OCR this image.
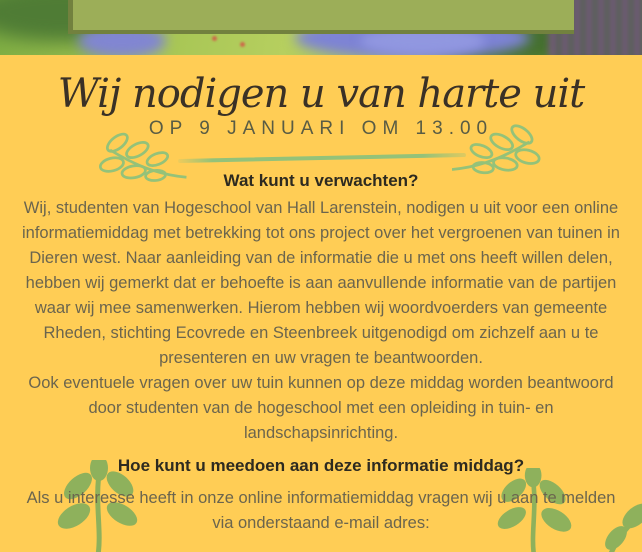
Wij nodigen u van harte uit
OP 9 JANUARI OM 13.00
Wat kunt u verwachten?
Wij, studenten van Hogeschool van Hall Larenstein, nodigen u uit voor een online informatiemiddag met betrekking tot ons project over het vergroenen van tuinen in Dieren west. Naar aanleiding van de informatie die u met ons heeft willen delen, hebben wij gemerkt dat er behoefte is aan aanvullende informatie van de partijen waar wij mee samenwerken. Hierom hebben wij woordvoerders van gemeente Rheden, stichting Ecovrede en Steenbreek uitgenodigd om zichzelf aan u te presenteren en uw vragen te beantwoorden.
Ook eventuele vragen over uw tuin kunnen op deze middag worden beantwoord door studenten van de hogeschool met een opleiding in tuin- en landschapsinrichting.
Hoe kunt u meedoen aan deze informatie middag?
Als u interesse heeft in onze online informatiemiddag vragen wij u aan te melden via onderstaand e-mail adres:
